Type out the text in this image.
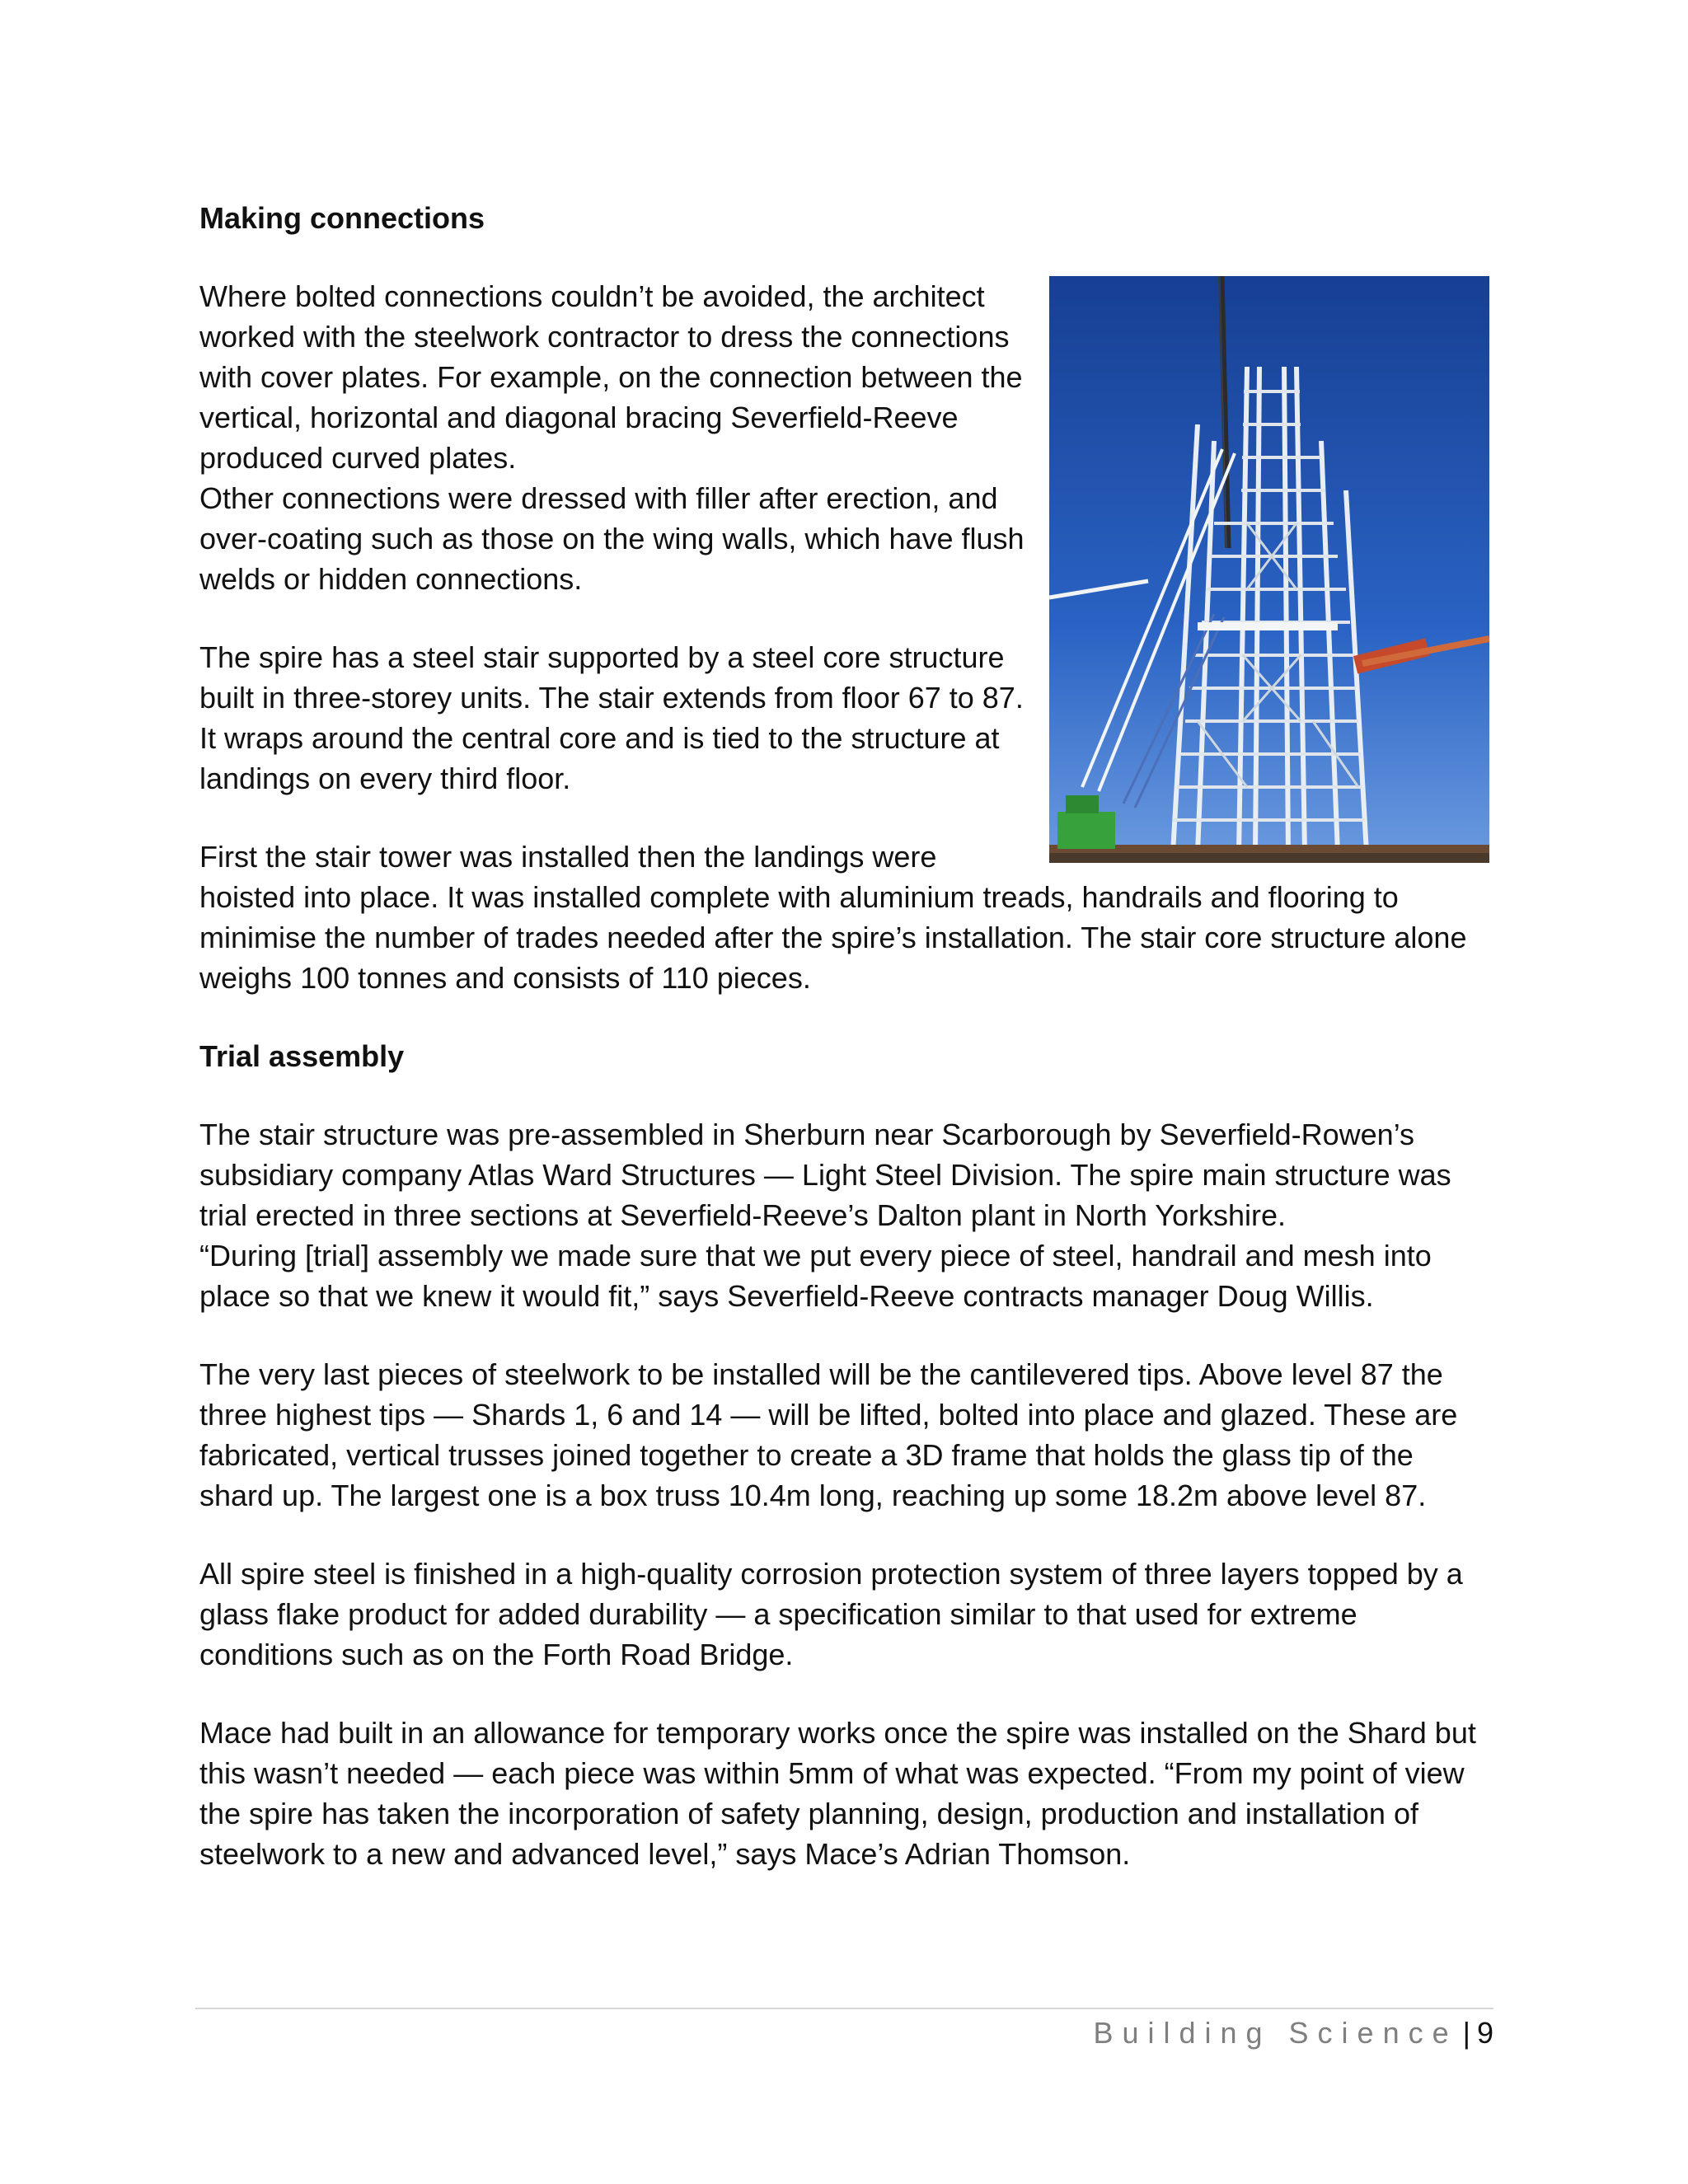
Making connections

Where bolted connections couldn’t be avoided, the architect worked with the steelwork contractor to dress the connections with cover plates. For example, on the connection between the vertical, horizontal and diagonal bracing Severfield-Reeve produced curved plates.

Other connections were dressed with filler after erection, and over-coating such as those on the wing walls, which have flush welds or hidden connections.

The spire has a steel stair supported by a steel core structure built in three-storey units. The stair extends from floor 67 to 87. It wraps around the central core and is tied to the structure at landings on every third floor.

First the stair tower was installed then the landings were hoisted into place. It was installed complete with aluminium treads, handrails and flooring to minimise the number of trades needed after the spire’s installation. The stair core structure alone weighs 100 tonnes and consists of 110 pieces.

Trial assembly

The stair structure was pre-assembled in Sherburn near Scarborough by Severfield-Rowen’s subsidiary company Atlas Ward Structures — Light Steel Division. The spire main structure was trial erected in three sections at Severfield-Reeve’s Dalton plant in North Yorkshire.

“During [trial] assembly we made sure that we put every piece of steel, handrail and mesh into place so that we knew it would fit,” says Severfield-Reeve contracts manager Doug Willis.

The very last pieces of steelwork to be installed will be the cantilevered tips. Above level 87 the three highest tips — Shards 1, 6 and 14 — will be lifted, bolted into place and glazed. These are fabricated, vertical trusses joined together to create a 3D frame that holds the glass tip of the shard up. The largest one is a box truss 10.4m long, reaching up some 18.2m above level 87.

All spire steel is finished in a high-quality corrosion protection system of three layers topped by a glass flake product for added durability — a specification similar to that used for extreme conditions such as on the Forth Road Bridge.

Mace had built in an allowance for temporary works once the spire was installed on the Shard but this wasn’t needed — each piece was within 5mm of what was expected. “From my point of view the spire has taken the incorporation of safety planning, design, production and installation of steelwork to a new and advanced level,” says Mace’s Adrian Thomson.

Building Science | 9
